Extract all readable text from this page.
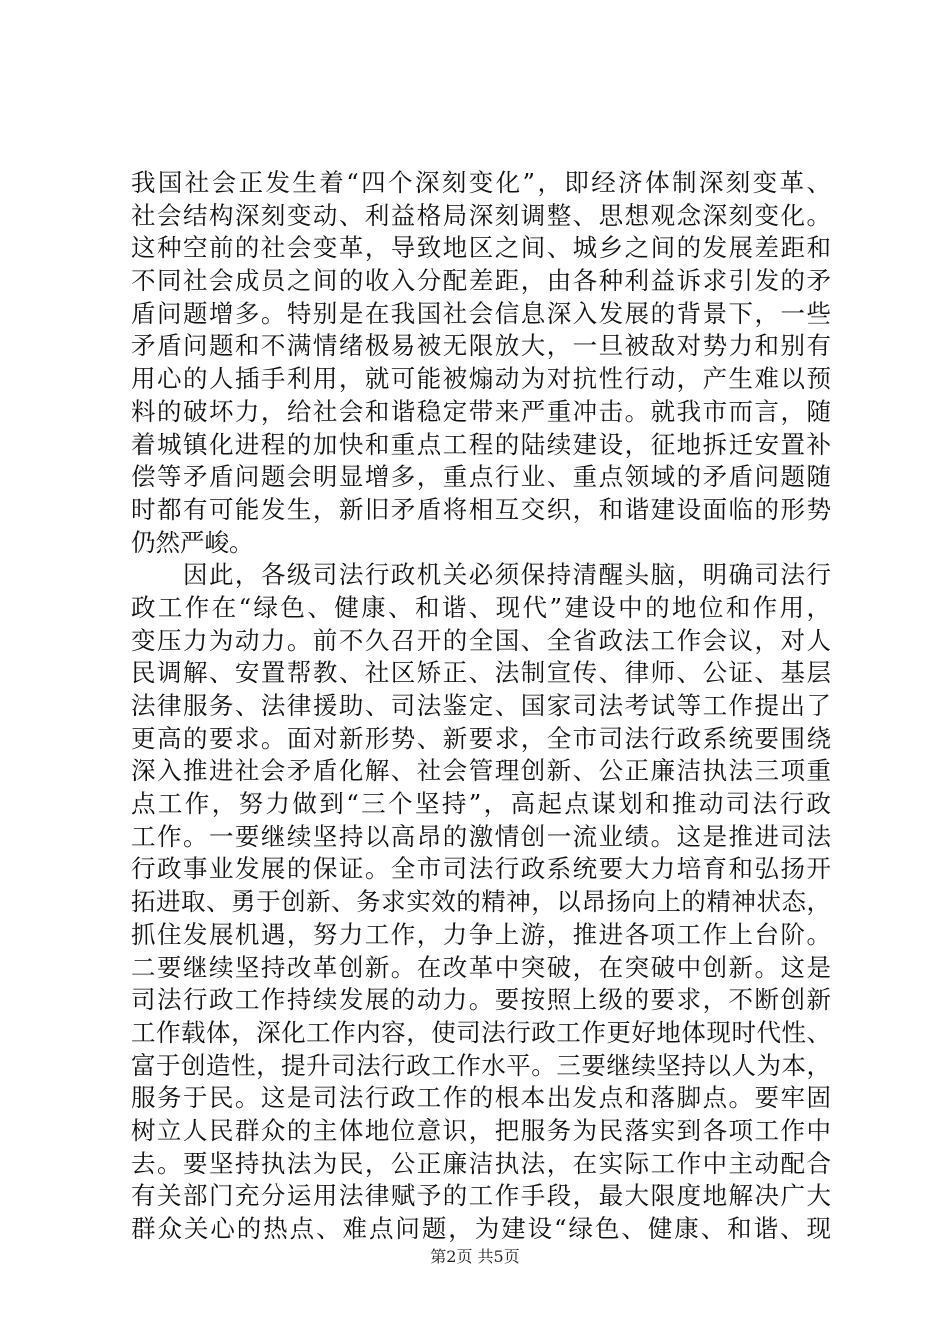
我国社会正发生着“四个深刻变化”，即经济体制深刻变革、
社会结构深刻变动、利益格局深刻调整、思想观念深刻变化。
这种空前的社会变革，导致地区之间、城乡之间的发展差距和
不同社会成员之间的收入分配差距，由各种利益诉求引发的矛
盾问题增多。特别是在我国社会信息深入发展的背景下，一些
矛盾问题和不满情绪极易被无限放大，一旦被敌对势力和别有
用心的人插手利用，就可能被煽动为对抗性行动，产生难以预
料的破坏力，给社会和谐稳定带来严重冲击。就我市而言，随
着城镇化进程的加快和重点工程的陆续建设，征地拆迁安置补
偿等矛盾问题会明显增多，重点行业、重点领域的矛盾问题随
时都有可能发生，新旧矛盾将相互交织，和谐建设面临的形势
仍然严峻。
　　因此，各级司法行政机关必须保持清醒头脑，明确司法行
政工作在“绿色、健康、和谐、现代”建设中的地位和作用，
变压力为动力。前不久召开的全国、全省政法工作会议，对人
民调解、安置帮教、社区矫正、法制宣传、律师、公证、基层
法律服务、法律援助、司法鉴定、国家司法考试等工作提出了
更高的要求。面对新形势、新要求，全市司法行政系统要围绕
深入推进社会矛盾化解、社会管理创新、公正廉洁执法三项重
点工作，努力做到“三个坚持”，高起点谋划和推动司法行政
工作。一要继续坚持以高昂的激情创一流业绩。这是推进司法
行政事业发展的保证。全市司法行政系统要大力培育和弘扬开
拓进取、勇于创新、务求实效的精神，以昂扬向上的精神状态，
抓住发展机遇，努力工作，力争上游，推进各项工作上台阶。
二要继续坚持改革创新。在改革中突破，在突破中创新。这是
司法行政工作持续发展的动力。要按照上级的要求，不断创新
工作载体，深化工作内容，使司法行政工作更好地体现时代性、
富于创造性，提升司法行政工作水平。三要继续坚持以人为本，
服务于民。这是司法行政工作的根本出发点和落脚点。要牢固
树立人民群众的主体地位意识，把服务为民落实到各项工作中
去。要坚持执法为民，公正廉洁执法，在实际工作中主动配合
有关部门充分运用法律赋予的工作手段，最大限度地解决广大
群众关心的热点、难点问题，为建设“绿色、健康、和谐、现
第2页 共5页
